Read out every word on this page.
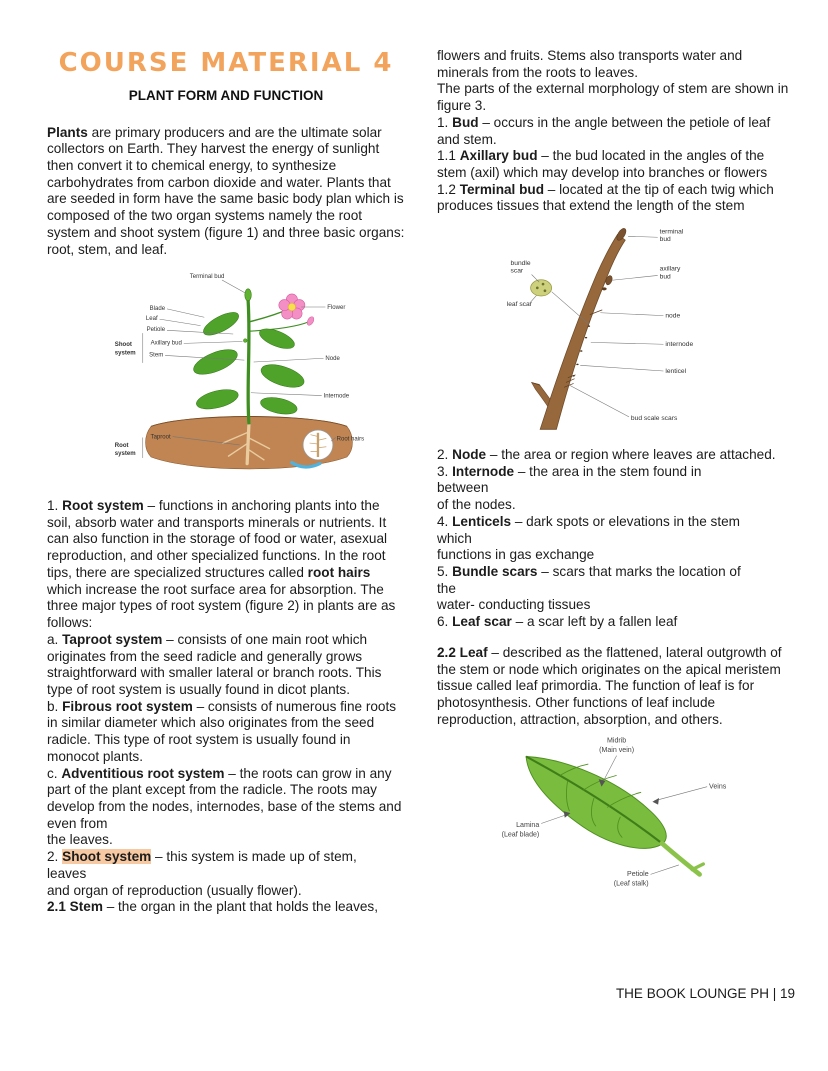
COURSE MATERIAL 4
PLANT FORM AND FUNCTION

Plants are primary producers and are the ultimate solar collectors on Earth. They harvest the energy of sunlight then convert it to chemical energy, to synthesize carbohydrates from carbon dioxide and water. Plants that are seeded in form have the same basic body plan which is composed of the two organ systems namely the root system and shoot system (figure 1) and three basic organs: root, stem, and leaf.

Terminal bud
Blade
Leaf
Petiole
Flower
Axillary bud
Stem
Shoot
system
Node
Internode
Taproot	Root hairs
Root
system

1. Root system – functions in anchoring plants into the soil, absorb water and transports minerals or nutrients. It can also function in the storage of food or water, asexual reproduction, and other specialized functions. In the root tips, there are specialized structures called root hairs which increase the root surface area for absorption. The three major types of root system (figure 2) in plants are as follows:
a. Taproot system – consists of one main root which originates from the seed radicle and generally grows straightforward with smaller lateral or branch roots. This type of root system is usually found in dicot plants.
b. Fibrous root system – consists of numerous fine roots in similar diameter which also originates from the seed radicle. This type of root system is usually found in monocot plants.
c. Adventitious root system – the roots can grow in any part of the plant except from the radicle. The roots may develop from the nodes, internodes, base of the stems and even from
the leaves.
2. Shoot system – this system is made up of stem,
leaves
and organ of reproduction (usually flower).
2.1 Stem – the organ in the plant that holds the leaves,

flowers and fruits. Stems also transports water and minerals from the roots to leaves.
The parts of the external morphology of stem are shown in figure 3.
1. Bud – occurs in the angle between the petiole of leaf and stem.
1.1 Axillary bud – the bud located in the angles of the stem (axil) which may develop into branches or flowers
1.2 Terminal bud – located at the tip of each twig which produces tissues that extend the length of the stem

terminal
bud
bundle
scar
leaf scar
axillary
bud
node
internode
lenticel
bud scale scars

2. Node – the area or region where leaves are attached.
3. Internode – the area in the stem found in
between
of the nodes.
4. Lenticels – dark spots or elevations in the stem
which
functions in gas exchange
5. Bundle scars – scars that marks the location of
the
water- conducting tissues
6. Leaf scar – a scar left by a fallen leaf

2.2 Leaf – described as the flattened, lateral outgrowth of the stem or node which originates on the apical meristem tissue called leaf primordia. The function of leaf is for photosynthesis. Other functions of leaf include reproduction, attraction, absorption, and others.

Midrib
(Main vein)
Veins
Lamina
(Leaf blade)
Petiole
(Leaf stalk)
THE BOOK LOUNGE PH | 19
